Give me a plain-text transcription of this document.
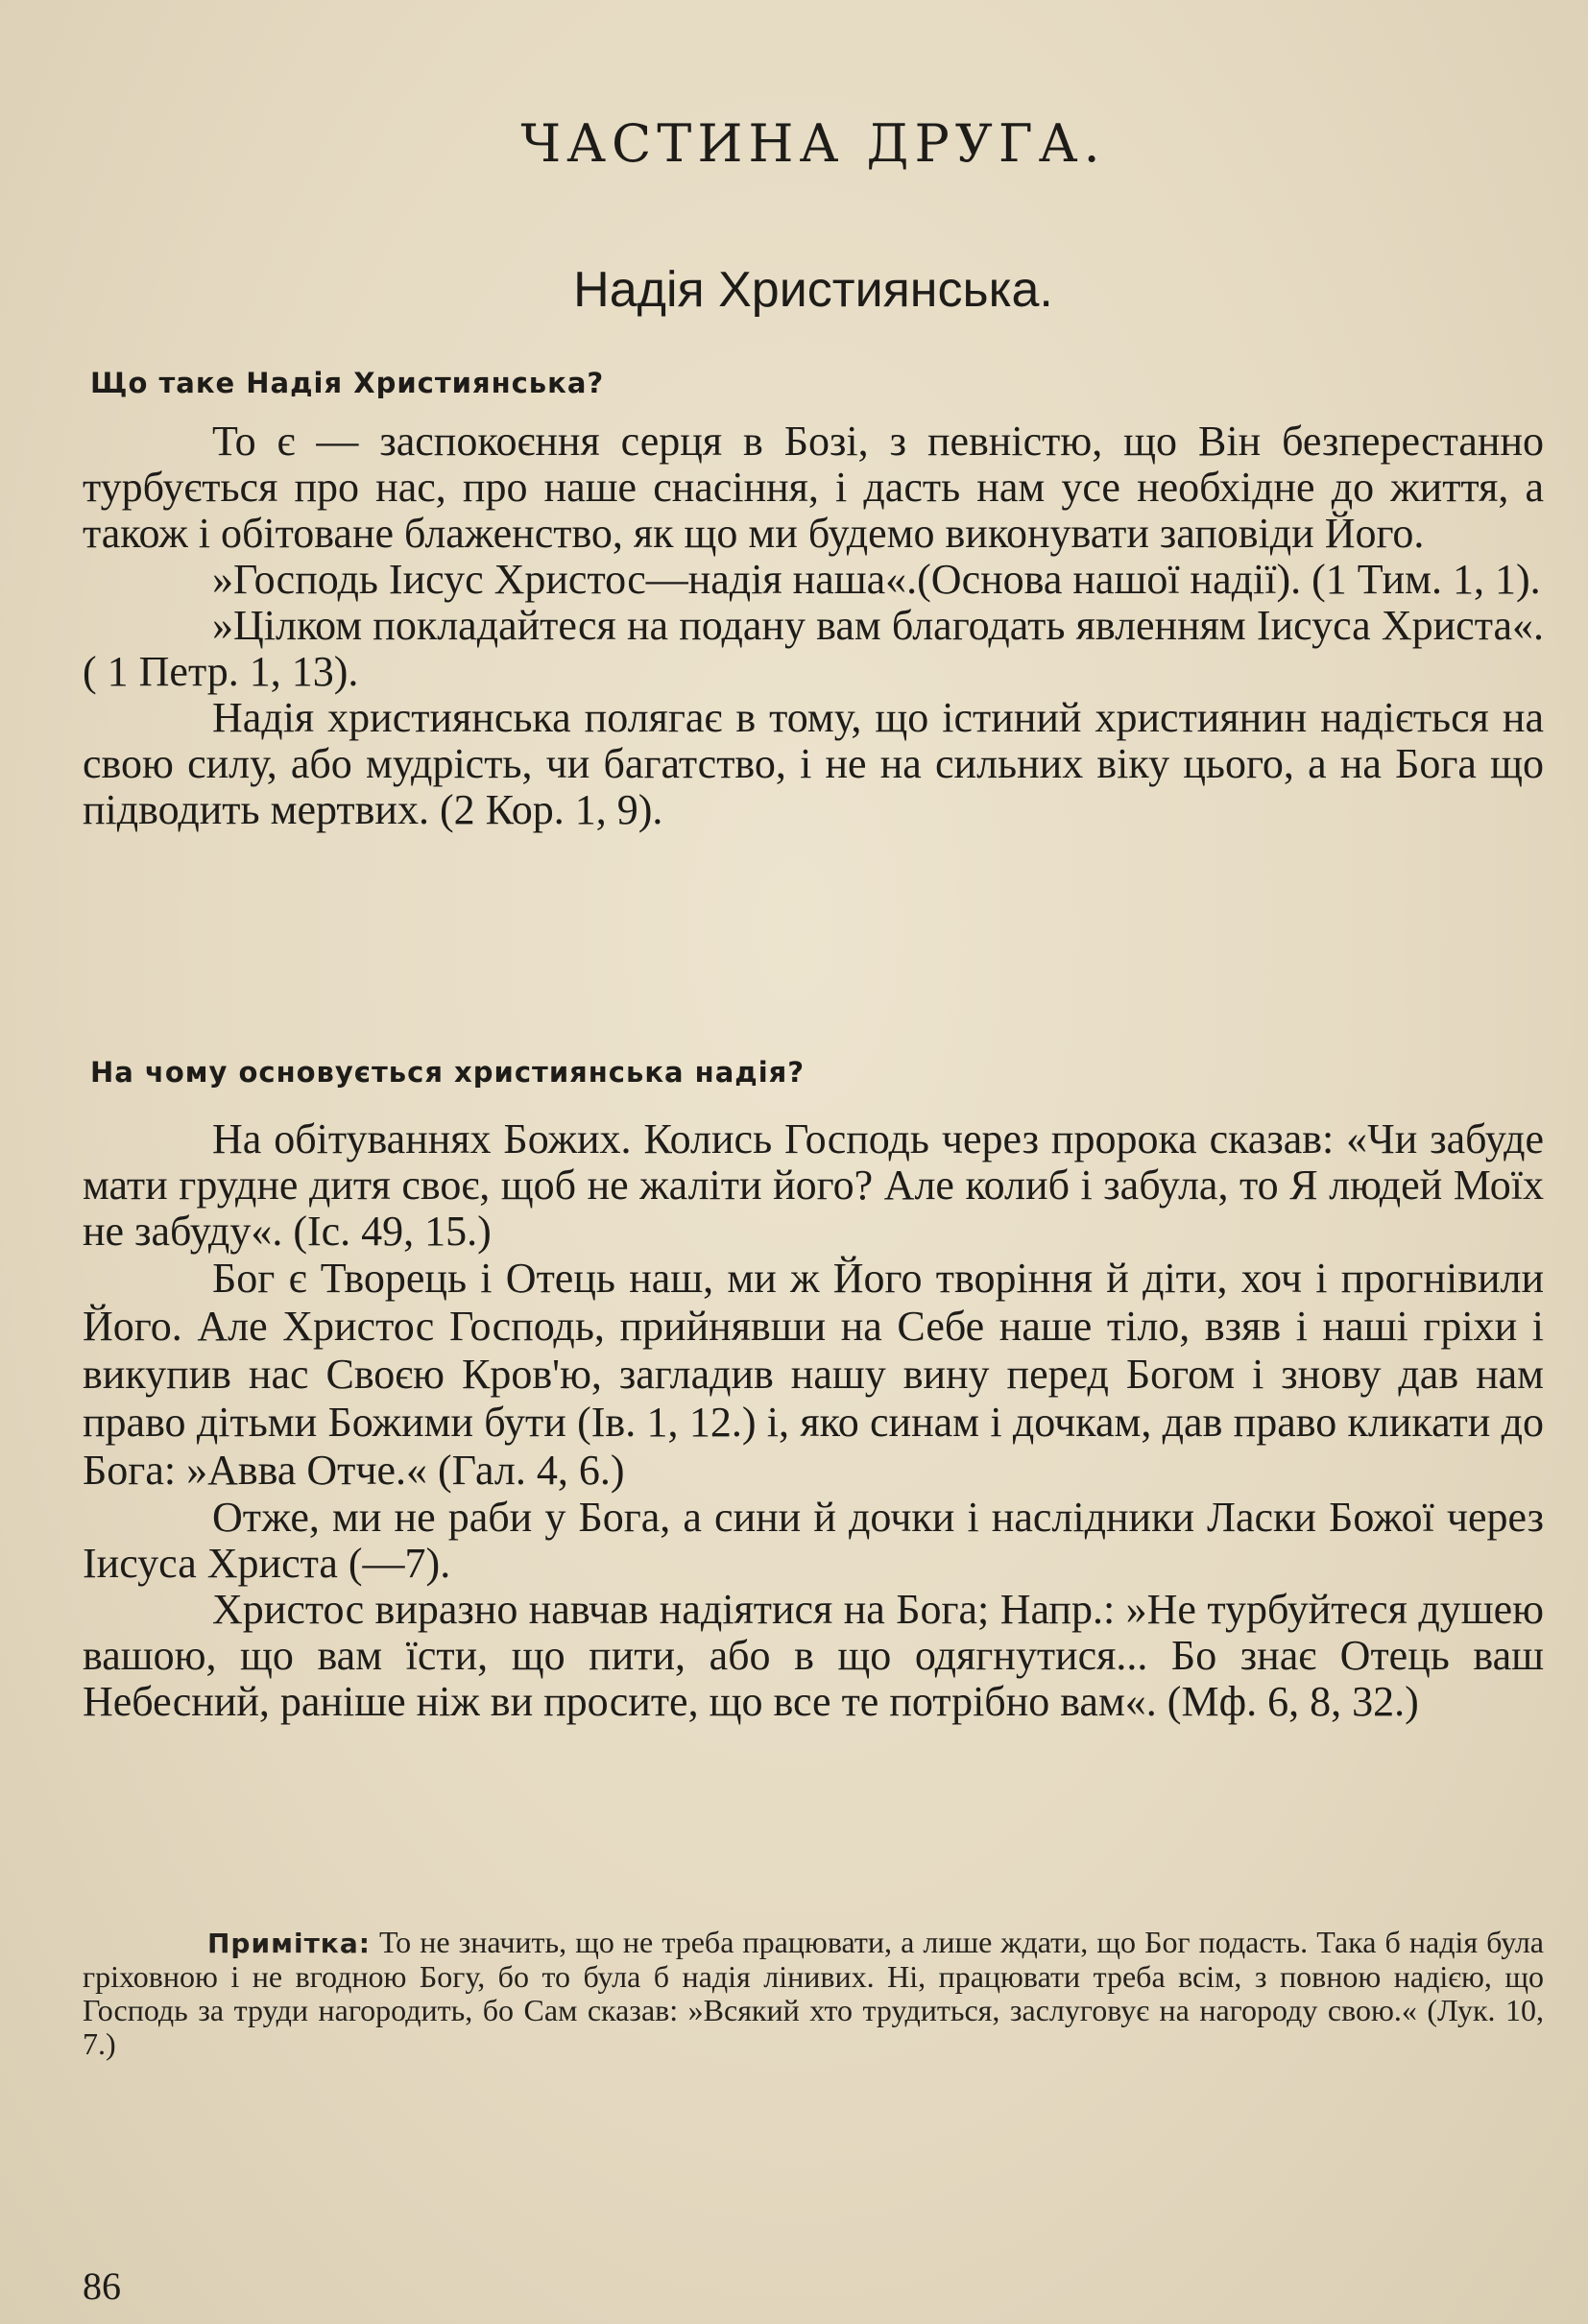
ЧАСТИНА ДРУГА.
Надія Християнська.
Що таке Надія Християнська?

То є — заспокоєння серця в Бозі, з певністю, що Він безперестанно турбується про нас, про наше снасіння, і дасть нам усе необхідне до життя, а також і обітоване блаженство, як що ми будемо виконувати заповіди Його.

»Господь Іисус Христос—надія наша«.(Основа нашої надії). (1 Тим. 1, 1).

»Цілком покладайтеся на подану вам благодать явленням Іисуса Христа«. ( 1 Петр. 1, 13).

Надія християнська полягає в тому, що істиний християнин надіється на свою силу, або мудрість, чи багатство, і не на сильних віку цього, а на Бога що підводить мертвих. (2 Кор. 1, 9).

На чому основується християнська надія?

На обітуваннях Божих. Колись Господь через пророка сказав: «Чи забуде мати грудне дитя своє, щоб не жаліти його? Але колиб і забула, то Я людей Моїх не забуду«. (Іс. 49, 15.)

Бог є Творець і Отець наш, ми ж Його творіння й діти, хоч і прогнівили Його. Але Христос Господь, прийнявши на Себе наше тіло, взяв і наші гріхи і викупив нас Своєю Кров'ю, загладив нашу вину перед Богом і знову дав нам право дітьми Божими бути (Ів. 1, 12.) і, яко синам і дочкам, дав право кликати до Бога: »Авва Отче.« (Гал. 4, 6.)

Отже, ми не раби у Бога, а сини й дочки і наслідники Ласки Божої через Іисуса Христа (—7).

Христос виразно навчав надіятися на Бога; Напр.: »Не турбуйтеся душею вашою, що вам їсти, що пити, або в що одягнутися... Бо знає Отець ваш Небесний, раніше ніж ви просите, що все те потрібно вам«. (Мф. 6, 8, 32.)

Примітка: То не значить, що не треба працювати, а лише ждати, що Бог подасть. Така б надія була гріховною і не вгодною Богу, бо то була б надія лінивих. Ні, працювати треба всім, з повною надією, що Господь за труди нагородить, бо Сам сказав: »Всякий хто трудиться, заслуговує на нагороду свою.« (Лук. 10, 7.)
86
